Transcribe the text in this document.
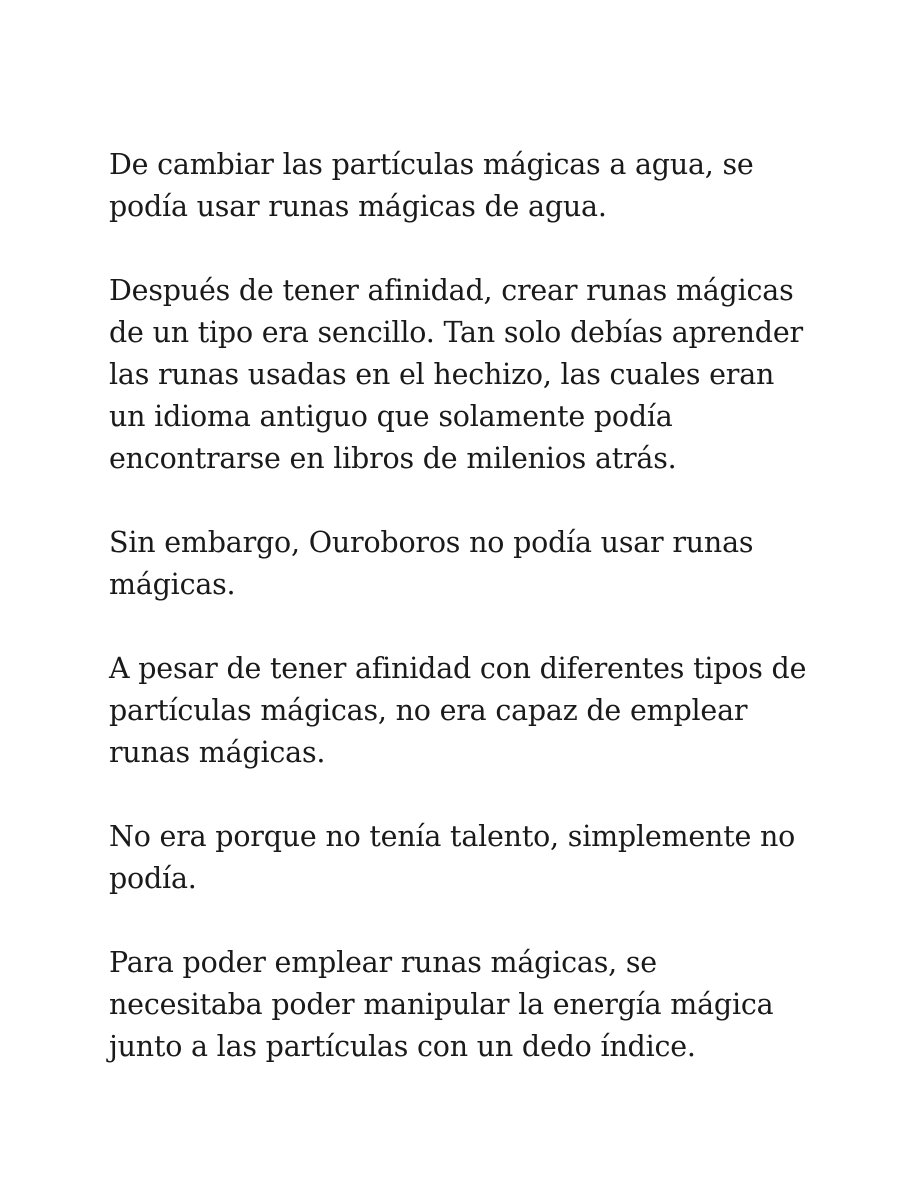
De cambiar las partículas mágicas a agua, se
podía usar runas mágicas de agua.

Después de tener afinidad, crear runas mágicas
de un tipo era sencillo. Tan solo debías aprender
las runas usadas en el hechizo, las cuales eran
un idioma antiguo que solamente podía
encontrarse en libros de milenios atrás.

Sin embargo, Ouroboros no podía usar runas
mágicas.

A pesar de tener afinidad con diferentes tipos de
partículas mágicas, no era capaz de emplear
runas mágicas.

No era porque no tenía talento, simplemente no
podía.

Para poder emplear runas mágicas, se
necesitaba poder manipular la energía mágica
junto a las partículas con un dedo índice.
